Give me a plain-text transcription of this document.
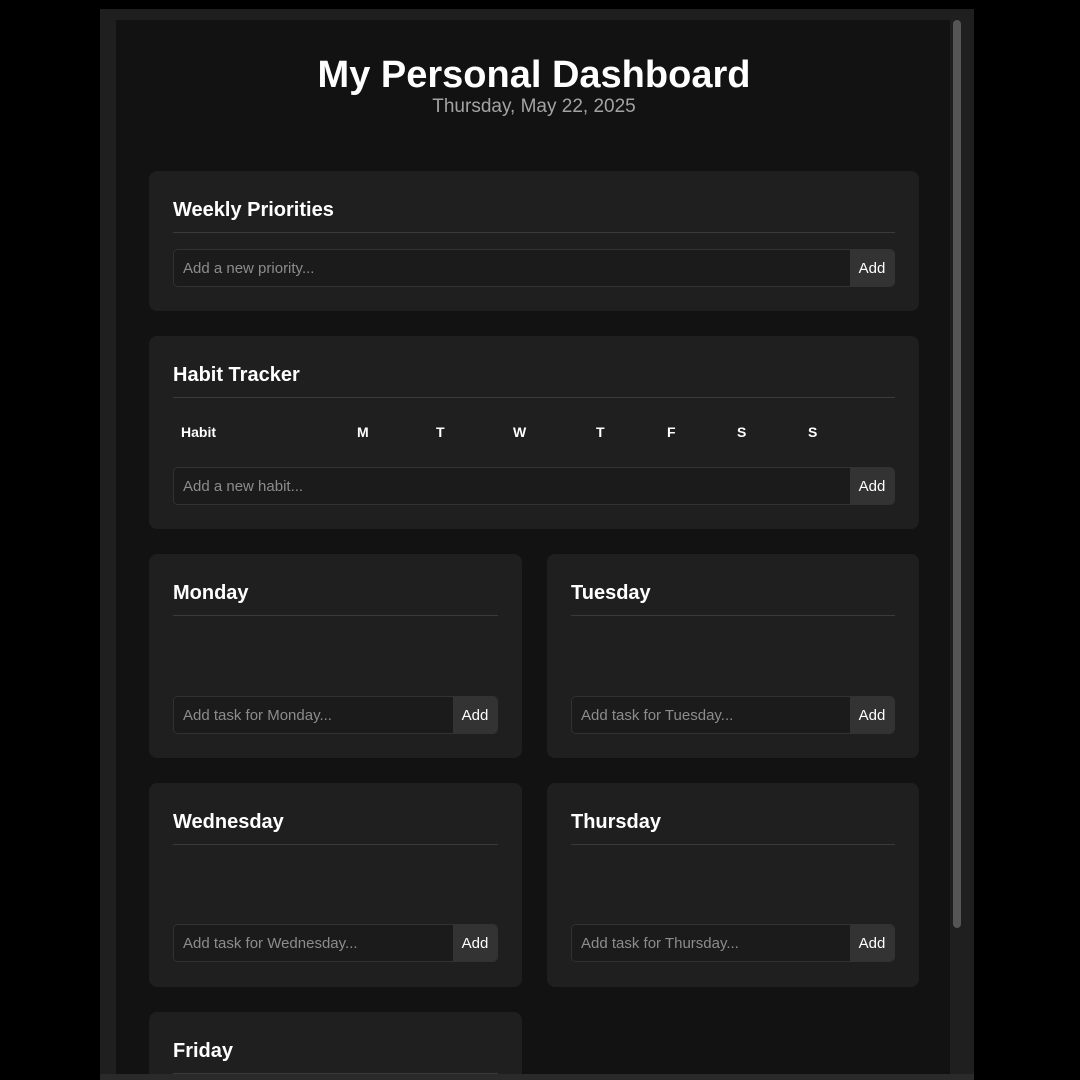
My Personal Dashboard
Thursday, May 22, 2025
Weekly Priorities
Add a new priority...
Add
Habit Tracker
Habit	M	T	W	T	F	S	S
Add a new habit...
Add
Monday
Add task for Monday...
Add
Tuesday
Add task for Tuesday...
Add
Wednesday
Add task for Wednesday...
Add
Thursday
Add task for Thursday...
Add
Friday
